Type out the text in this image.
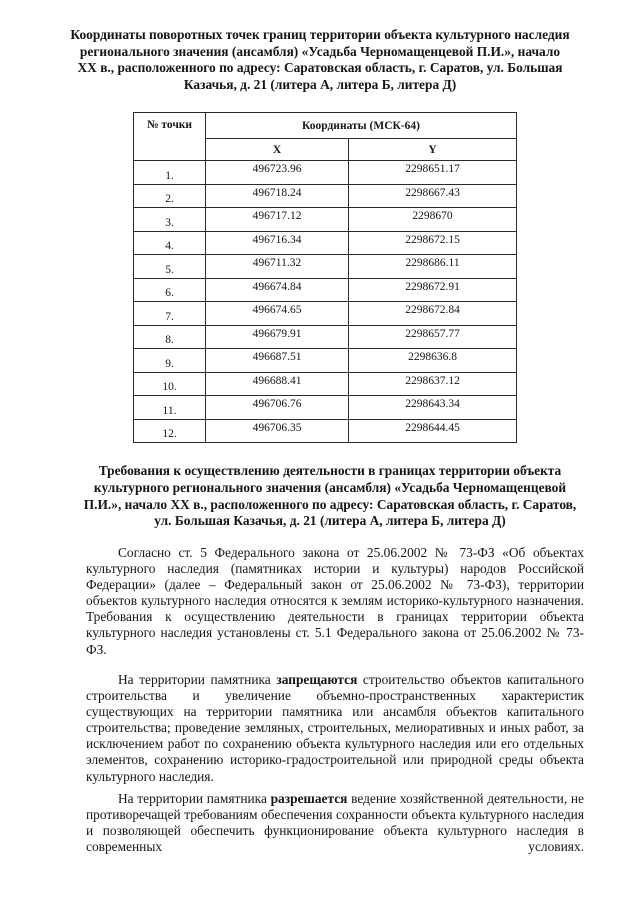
Координаты поворотных точек границ территории объекта культурного наследия регионального значения (ансамбля) «Усадьба Черномащенцевой П.И.», начало XX в., расположенного по адресу: Саратовская область, г. Саратов, ул. Большая Казачья, д. 21 (литера А, литера Б, литера Д)
№ точки	Координаты (МСК-64)	
	X	Y
1.	496723.96	2298651.17
2.	496718.24	2298667.43
3.	496717.12	2298670
4.	496716.34	2298672.15
5.	496711.32	2298686.11
6.	496674.84	2298672.91
7.	496674.65	2298672.84
8.	496679.91	2298657.77
9.	496687.51	2298636.8
10.	496688.41	2298637.12
11.	496706.76	2298643.34
12.	496706.35	2298644.45
Требования к осуществлению деятельности в границах территории объекта культурного регионального значения (ансамбля) «Усадьба Черномащенцевой П.И.», начало XX в., расположенного по адресу: Саратовская область, г. Саратов, ул. Большая Казачья, д. 21 (литера А, литера Б, литера Д)
Согласно ст. 5 Федерального закона от 25.06.2002 № 73-ФЗ «Об объектах культурного наследия (памятниках истории и культуры) народов Российской Федерации» (далее – Федеральный закон от 25.06.2002 № 73-ФЗ), территории объектов культурного наследия относятся к землям историко-культурного назначения. Требования к осуществлению деятельности в границах территории объекта культурного наследия установлены ст. 5.1 Федерального закона от 25.06.2002 № 73-ФЗ.
На территории памятника запрещаются строительство объектов капитального строительства и увеличение объемно-пространственных характеристик существующих на территории памятника или ансамбля объектов капитального строительства; проведение земляных, строительных, мелиоративных и иных работ, за исключением работ по сохранению объекта культурного наследия или его отдельных элементов, сохранению историко-градостроительной или природной среды объекта культурного наследия.
На территории памятника разрешается ведение хозяйственной деятельности, не противоречащей требованиям обеспечения сохранности объекта культурного наследия и позволяющей обеспечить функционирование объекта культурного наследия в современных условиях.
